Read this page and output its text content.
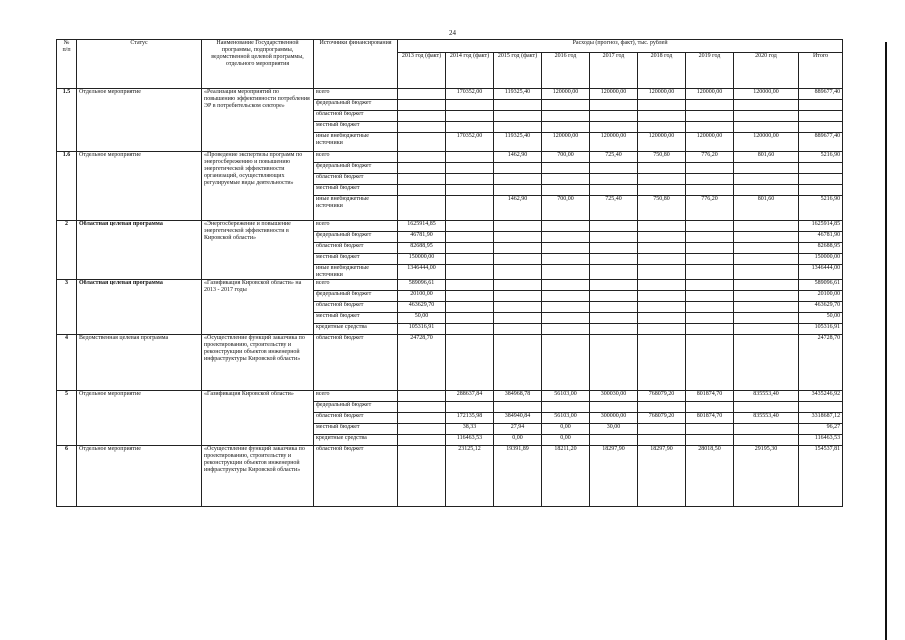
24
№
п/п	Статус	Наименование Государственной программы, подпрограммы, ведомственной целевой программы, отдельного мероприятия	Источники финансирования	Расходы (прогноз, факт), тыс. рублей								
				2013 год (факт)	2014 год (факт)	2015 год (факт)	2016 год	2017 год	2018 год	2019 год	2020 год	Итого
1.5	Отдельное мероприятие	«Реализация мероприятий по повышению эффективности потребления ЭР в потребительском секторе»	всего		170352,00	119325,40	120000,00	120000,00	120000,00	120000,00	120000,00	889677,40
			федеральный бюджет									
			областной бюджет									
			местный бюджет									
			иные внебюджетные источники		170352,00	119325,40	120000,00	120000,00	120000,00	120000,00	120000,00	889677,40
1.6	Отдельное мероприятие	«Проведение экспертизы программ по энергосбережению и повышению энергетической эффективности организаций, осуществляющих регулируемые виды деятельности»	всего			1462,90	700,00	725,40	750,80	776,20	801,60	5216,90
			федеральный бюджет									
			областной бюджет									
			местный бюджет									
			иные внебюджетные источники			1462,90	700,00	725,40	750,80	776,20	801,60	5216,90
2	Областная целевая программа	«Энергосбережение и повышение энергетической эффективности в Кировской области»	всего	1625914,85								1625914,85
			федеральный бюджет	46781,90								46781,90
			областной бюджет	82688,95								82688,95
			местный бюджет	150000,00								150000,00
			иные внебюджетные источники	1346444,00								1346444,00
3	Областная целевая программа	«Газификация Кировской области» на 2013 - 2017 годы	всего	589096,61								589096,61
			федеральный бюджет	20100,00								20100,00
			областной бюджет	463629,70								463629,70
			местный бюджет	50,00								50,00
			кредитные средства	105316,91								105316,91
4	Ведомственная целевая программа	«Осуществление функций заказчика по проектированию, строительству и реконструкции объектов инженерной инфраструктуры Кировской области»	областной бюджет	24728,70								24728,70
5	Отдельное мероприятие	«Газификация Кировской области»	всего		288637,84	384968,78	56103,00	300030,00	768079,20	801874,70	835553,40	3435246,92
			федеральный бюджет									
			областной бюджет		172135,98	384940,84	56103,00	300000,00	768079,20	801874,70	835553,40	3318687,12
			местный бюджет		38,33	27,94	0,00	30,00				96,27
			кредитные средства		116463,53	0,00	0,00					116463,53
6	Отдельное мероприятие	«Осуществление функций заказчика по проектированию, строительству и реконструкции объектов инженерной инфраструктуры Кировской области»	областной бюджет		23125,12	19391,89	18211,20	18297,90	18297,90	28018,50	29195,30	154537,81
